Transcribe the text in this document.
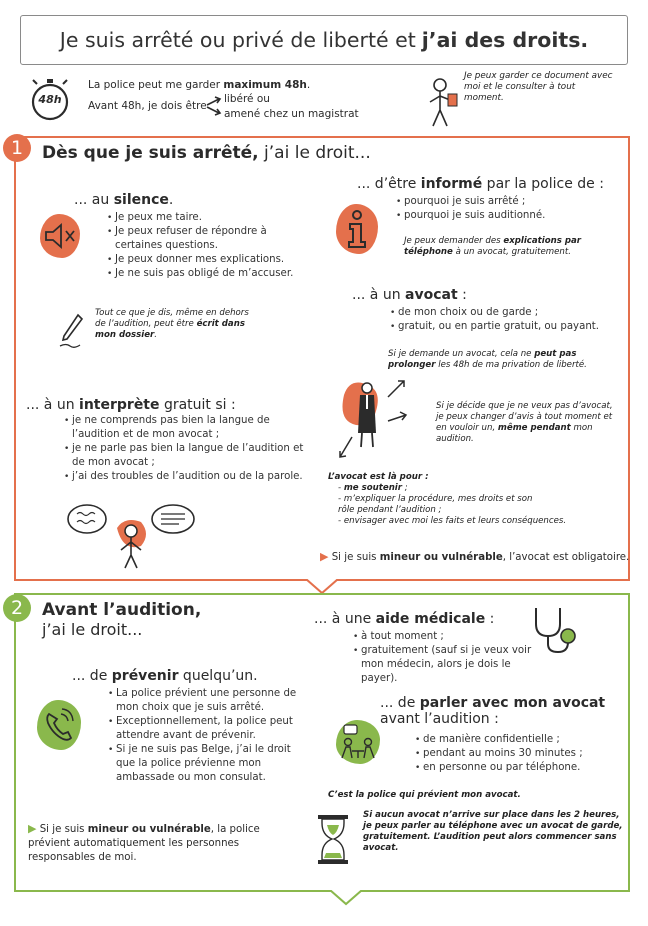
Je suis arrêté ou privé de liberté et j’ai des droits.
48h
La police peut me garder maximum 48h.
Avant 48h, je dois être
libéré ou
amené chez un magistrat
Je peux garder ce document avec moi et le consulter à tout moment.
1	Dès que je suis arrêté, j’ai le droit...
... au silence.
• Je peux me taire.
• Je peux refuser de répondre à certaines questions.
• Je peux donner mes explications.
• Je ne suis pas obligé de m’accuser.
Tout ce que je dis, même en dehors de l’audition, peut être écrit dans mon dossier.
... d’être informé par la police de :
• pourquoi je suis arrêté ;
• pourquoi je suis auditionné.
Je peux demander des explications par téléphone à un avocat, gratuitement.
... à un avocat :
• de mon choix ou de garde ;
• gratuit, ou en partie gratuit, ou payant.
Si je demande un avocat, cela ne peut pas prolonger les 48h de ma privation de liberté.
Si je décide que je ne veux pas d’avocat, je peux changer d’avis à tout moment et en vouloir un, même pendant mon audition.
L’avocat est là pour :
- me soutenir ;
- m’expliquer la procédure, mes droits et son rôle pendant l’audition ;
- envisager avec moi les faits et leurs conséquences.
▶ Si je suis mineur ou vulnérable, l’avocat est obligatoire.
... à un interprète gratuit si :
• je ne comprends pas bien la langue de l’audition et de mon avocat ;
• je ne parle pas bien la langue de l’audition et de mon avocat ;
• j’ai des troubles de l’audition ou de la parole.
2	Avant l’audition,
j’ai le droit...
... de prévenir quelqu’un.
• La police prévient une personne de mon choix que je suis arrêté.
• Exceptionnellement, la police peut attendre avant de prévenir.
• Si je ne suis pas Belge, j’ai le droit que la police prévienne mon ambassade ou mon consulat.
▶ Si je suis mineur ou vulnérable, la police prévient automatiquement les personnes responsables de moi.
... à une aide médicale :
• à tout moment ;
• gratuitement (sauf si je veux voir mon médecin, alors je dois le payer).
... de parler avec mon avocat
avant l’audition :
• de manière confidentielle ;
• pendant au moins 30 minutes ;
• en personne ou par téléphone.
C’est la police qui prévient mon avocat.
Si aucun avocat n’arrive sur place dans les 2 heures, je peux parler au téléphone avec un avocat de garde, gratuitement. L’audition peut alors commencer sans avocat.
